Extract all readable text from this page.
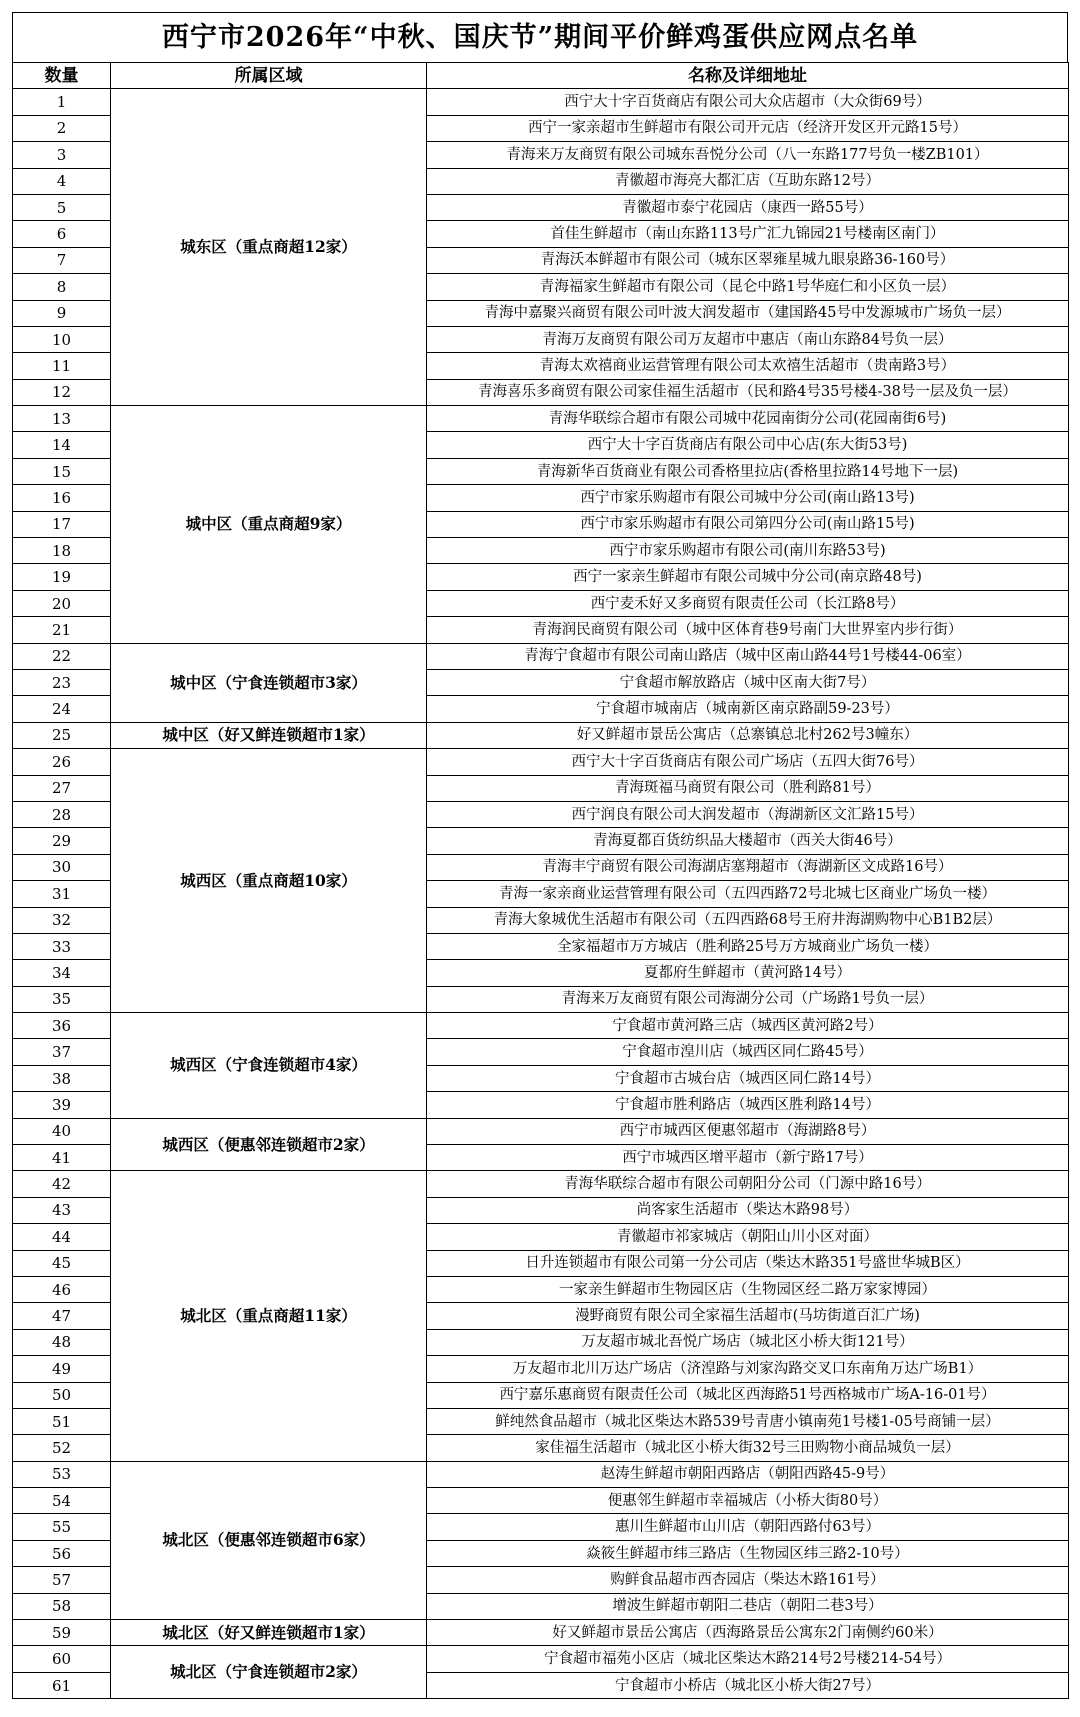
西宁市2026年“中秋、国庆节”期间平价鲜鸡蛋供应网点名单
数量	所属区域	名称及详细地址
1	城东区（重点商超12家）	西宁大十字百货商店有限公司大众店超市（大众街69号）
2		西宁一家亲超市生鲜超市有限公司开元店（经济开发区开元路15号）
3		青海来万友商贸有限公司城东吾悦分公司（八一东路177号负一楼ZB101）
4		青徽超市海亮大都汇店（互助东路12号）
5		青徽超市泰宁花园店（康西一路55号）
6		首佳生鲜超市（南山东路113号广汇九锦园21号楼南区南门）
7		青海沃本鲜超市有限公司（城东区翠雍星城九眼泉路36-160号）
8		青海福家生鲜超市有限公司（昆仑中路1号华庭仁和小区负一层）
9		青海中嘉聚兴商贸有限公司叶波大润发超市（建国路45号中发源城市广场负一层）
10		青海万友商贸有限公司万友超市中惠店（南山东路84号负一层）
11		青海太欢禧商业运营管理有限公司太欢禧生活超市（贵南路3号）
12		青海喜乐多商贸有限公司家佳福生活超市（民和路4号35号楼4-38号一层及负一层）
13	城中区（重点商超9家）	青海华联综合超市有限公司城中花园南街分公司(花园南街6号)
14		西宁大十字百货商店有限公司中心店(东大街53号)
15		青海新华百货商业有限公司香格里拉店(香格里拉路14号地下一层)
16		西宁市家乐购超市有限公司城中分公司(南山路13号)
17		西宁市家乐购超市有限公司第四分公司(南山路15号)
18		西宁市家乐购超市有限公司(南川东路53号)
19		西宁一家亲生鲜超市有限公司城中分公司(南京路48号)
20		西宁麦禾好又多商贸有限责任公司（长江路8号）
21		青海润民商贸有限公司（城中区体育巷9号南门大世界室内步行街）
22	城中区（宁食连锁超市3家）	青海宁食超市有限公司南山路店（城中区南山路44号1号楼44-06室）
23		宁食超市解放路店（城中区南大街7号）
24		宁食超市城南店（城南新区南京路副59-23号）
25	城中区（好又鲜连锁超市1家）	好又鲜超市景岳公寓店（总寨镇总北村262号3幢东）
26	城西区（重点商超10家）	西宁大十字百货商店有限公司广场店（五四大街76号）
27		青海斑福马商贸有限公司（胜利路81号）
28		西宁润良有限公司大润发超市（海湖新区文汇路15号）
29		青海夏都百货纺织品大楼超市（西关大街46号）
30		青海丰宁商贸有限公司海湖店塞翔超市（海湖新区文成路16号）
31		青海一家亲商业运营管理有限公司（五四西路72号北城七区商业广场负一楼）
32		青海大象城优生活超市有限公司（五四西路68号王府井海湖购物中心B1B2层）
33		全家福超市万方城店（胜利路25号万方城商业广场负一楼）
34		夏都府生鲜超市（黄河路14号）
35		青海来万友商贸有限公司海湖分公司（广场路1号负一层）
36	城西区（宁食连锁超市4家）	宁食超市黄河路三店（城西区黄河路2号）
37		宁食超市湟川店（城西区同仁路45号）
38		宁食超市古城台店（城西区同仁路14号）
39		宁食超市胜利路店（城西区胜利路14号）
40	城西区（便惠邻连锁超市2家）	西宁市城西区便惠邻超市（海湖路8号）
41		西宁市城西区增平超市（新宁路17号）
42	城北区（重点商超11家）	青海华联综合超市有限公司朝阳分公司（门源中路16号）
43		尚客家生活超市（柴达木路98号）
44		青徽超市祁家城店（朝阳山川小区对面）
45		日升连锁超市有限公司第一分公司店（柴达木路351号盛世华城B区）
46		一家亲生鲜超市生物园区店（生物园区经二路万家家博园）
47		漫野商贸有限公司全家福生活超市(马坊街道百汇广场)
48		万友超市城北吾悦广场店（城北区小桥大街121号）
49		万友超市北川万达广场店（济湟路与刘家沟路交叉口东南角万达广场B1）
50		西宁嘉乐惠商贸有限责任公司（城北区西海路51号西格城市广场A-16-01号）
51		鲜纯然食品超市（城北区柴达木路539号青唐小镇南苑1号楼1-05号商铺一层）
52		家佳福生活超市（城北区小桥大街32号三田购物小商品城负一层）
53	城北区（便惠邻连锁超市6家）	赵涛生鲜超市朝阳西路店（朝阳西路45-9号）
54		便惠邻生鲜超市幸福城店（小桥大街80号）
55		惠川生鲜超市山川店（朝阳西路付63号）
56		焱筱生鲜超市纬三路店（生物园区纬三路2-10号）
57		购鲜食品超市西杏园店（柴达木路161号）
58		增波生鲜超市朝阳二巷店（朝阳二巷3号）
59	城北区（好又鲜连锁超市1家）	好又鲜超市景岳公寓店（西海路景岳公寓东2门南侧约60米）
60	城北区（宁食连锁超市2家）	宁食超市福苑小区店（城北区柴达木路214号2号楼214-54号）
61		宁食超市小桥店（城北区小桥大街27号）
